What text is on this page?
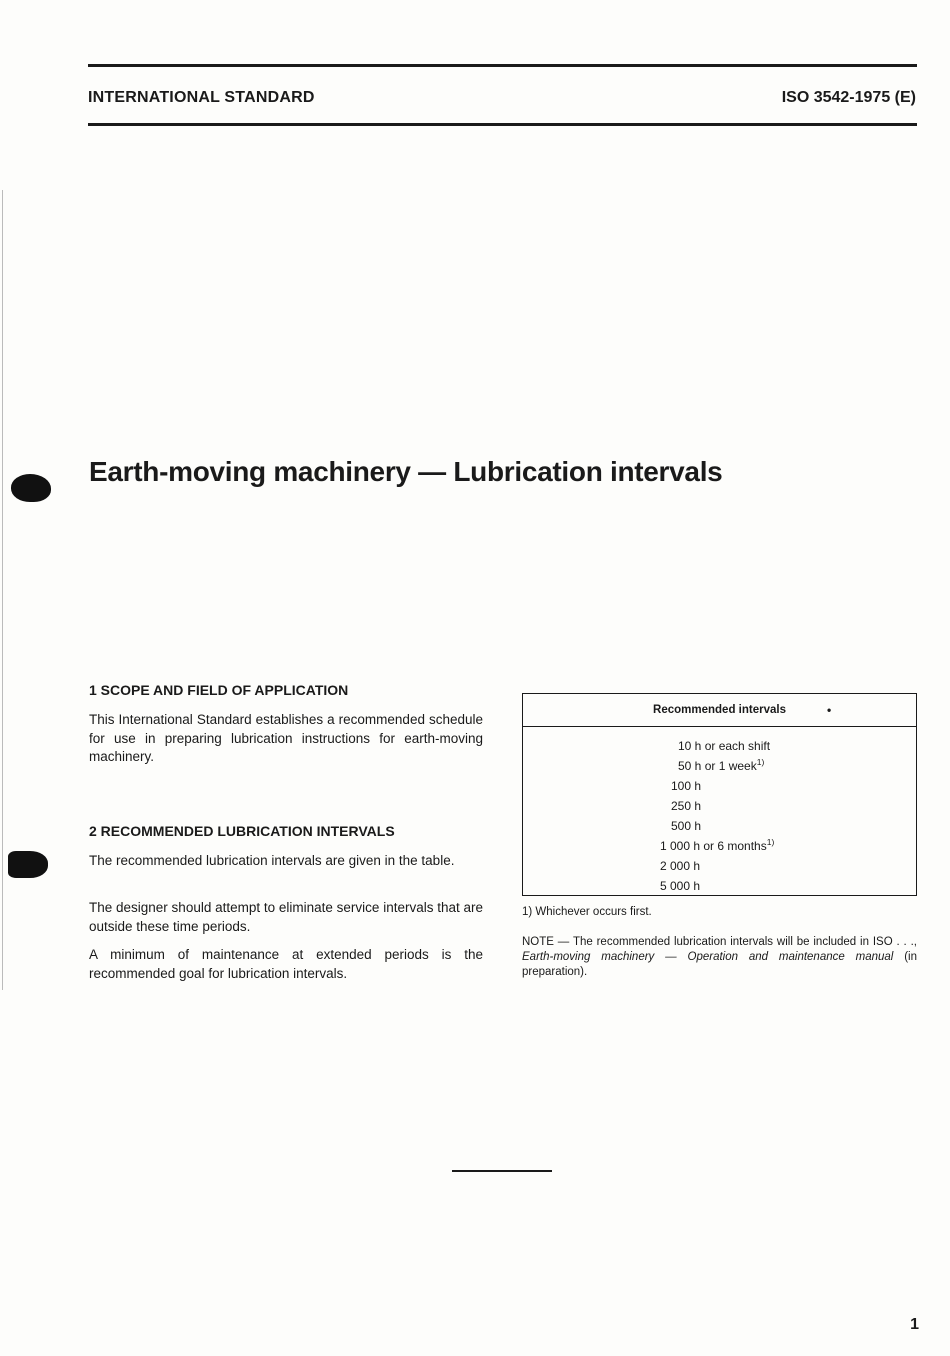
INTERNATIONAL STANDARD	ISO 3542-1975 (E)
Earth-moving machinery — Lubrication intervals
1 SCOPE AND FIELD OF APPLICATION
This International Standard establishes a recommended schedule for use in preparing lubrication instructions for earth-moving machinery.
2 RECOMMENDED LUBRICATION INTERVALS
The recommended lubrication intervals are given in the table.
The designer should attempt to eliminate service intervals that are outside these time periods.
A minimum of maintenance at extended periods is the recommended goal for lubrication intervals.
Recommended intervals	•
10 h or each shift
50 h or 1 week$^{1)}$
100 h
250 h
500 h
1 000 h or 6 months$^{1)}$
2 000 h
5 000 h
1) Whichever occurs first.
NOTE — The recommended lubrication intervals will be included in ISO . . ., Earth-moving machinery — Operation and maintenance manual (in preparation).
1
